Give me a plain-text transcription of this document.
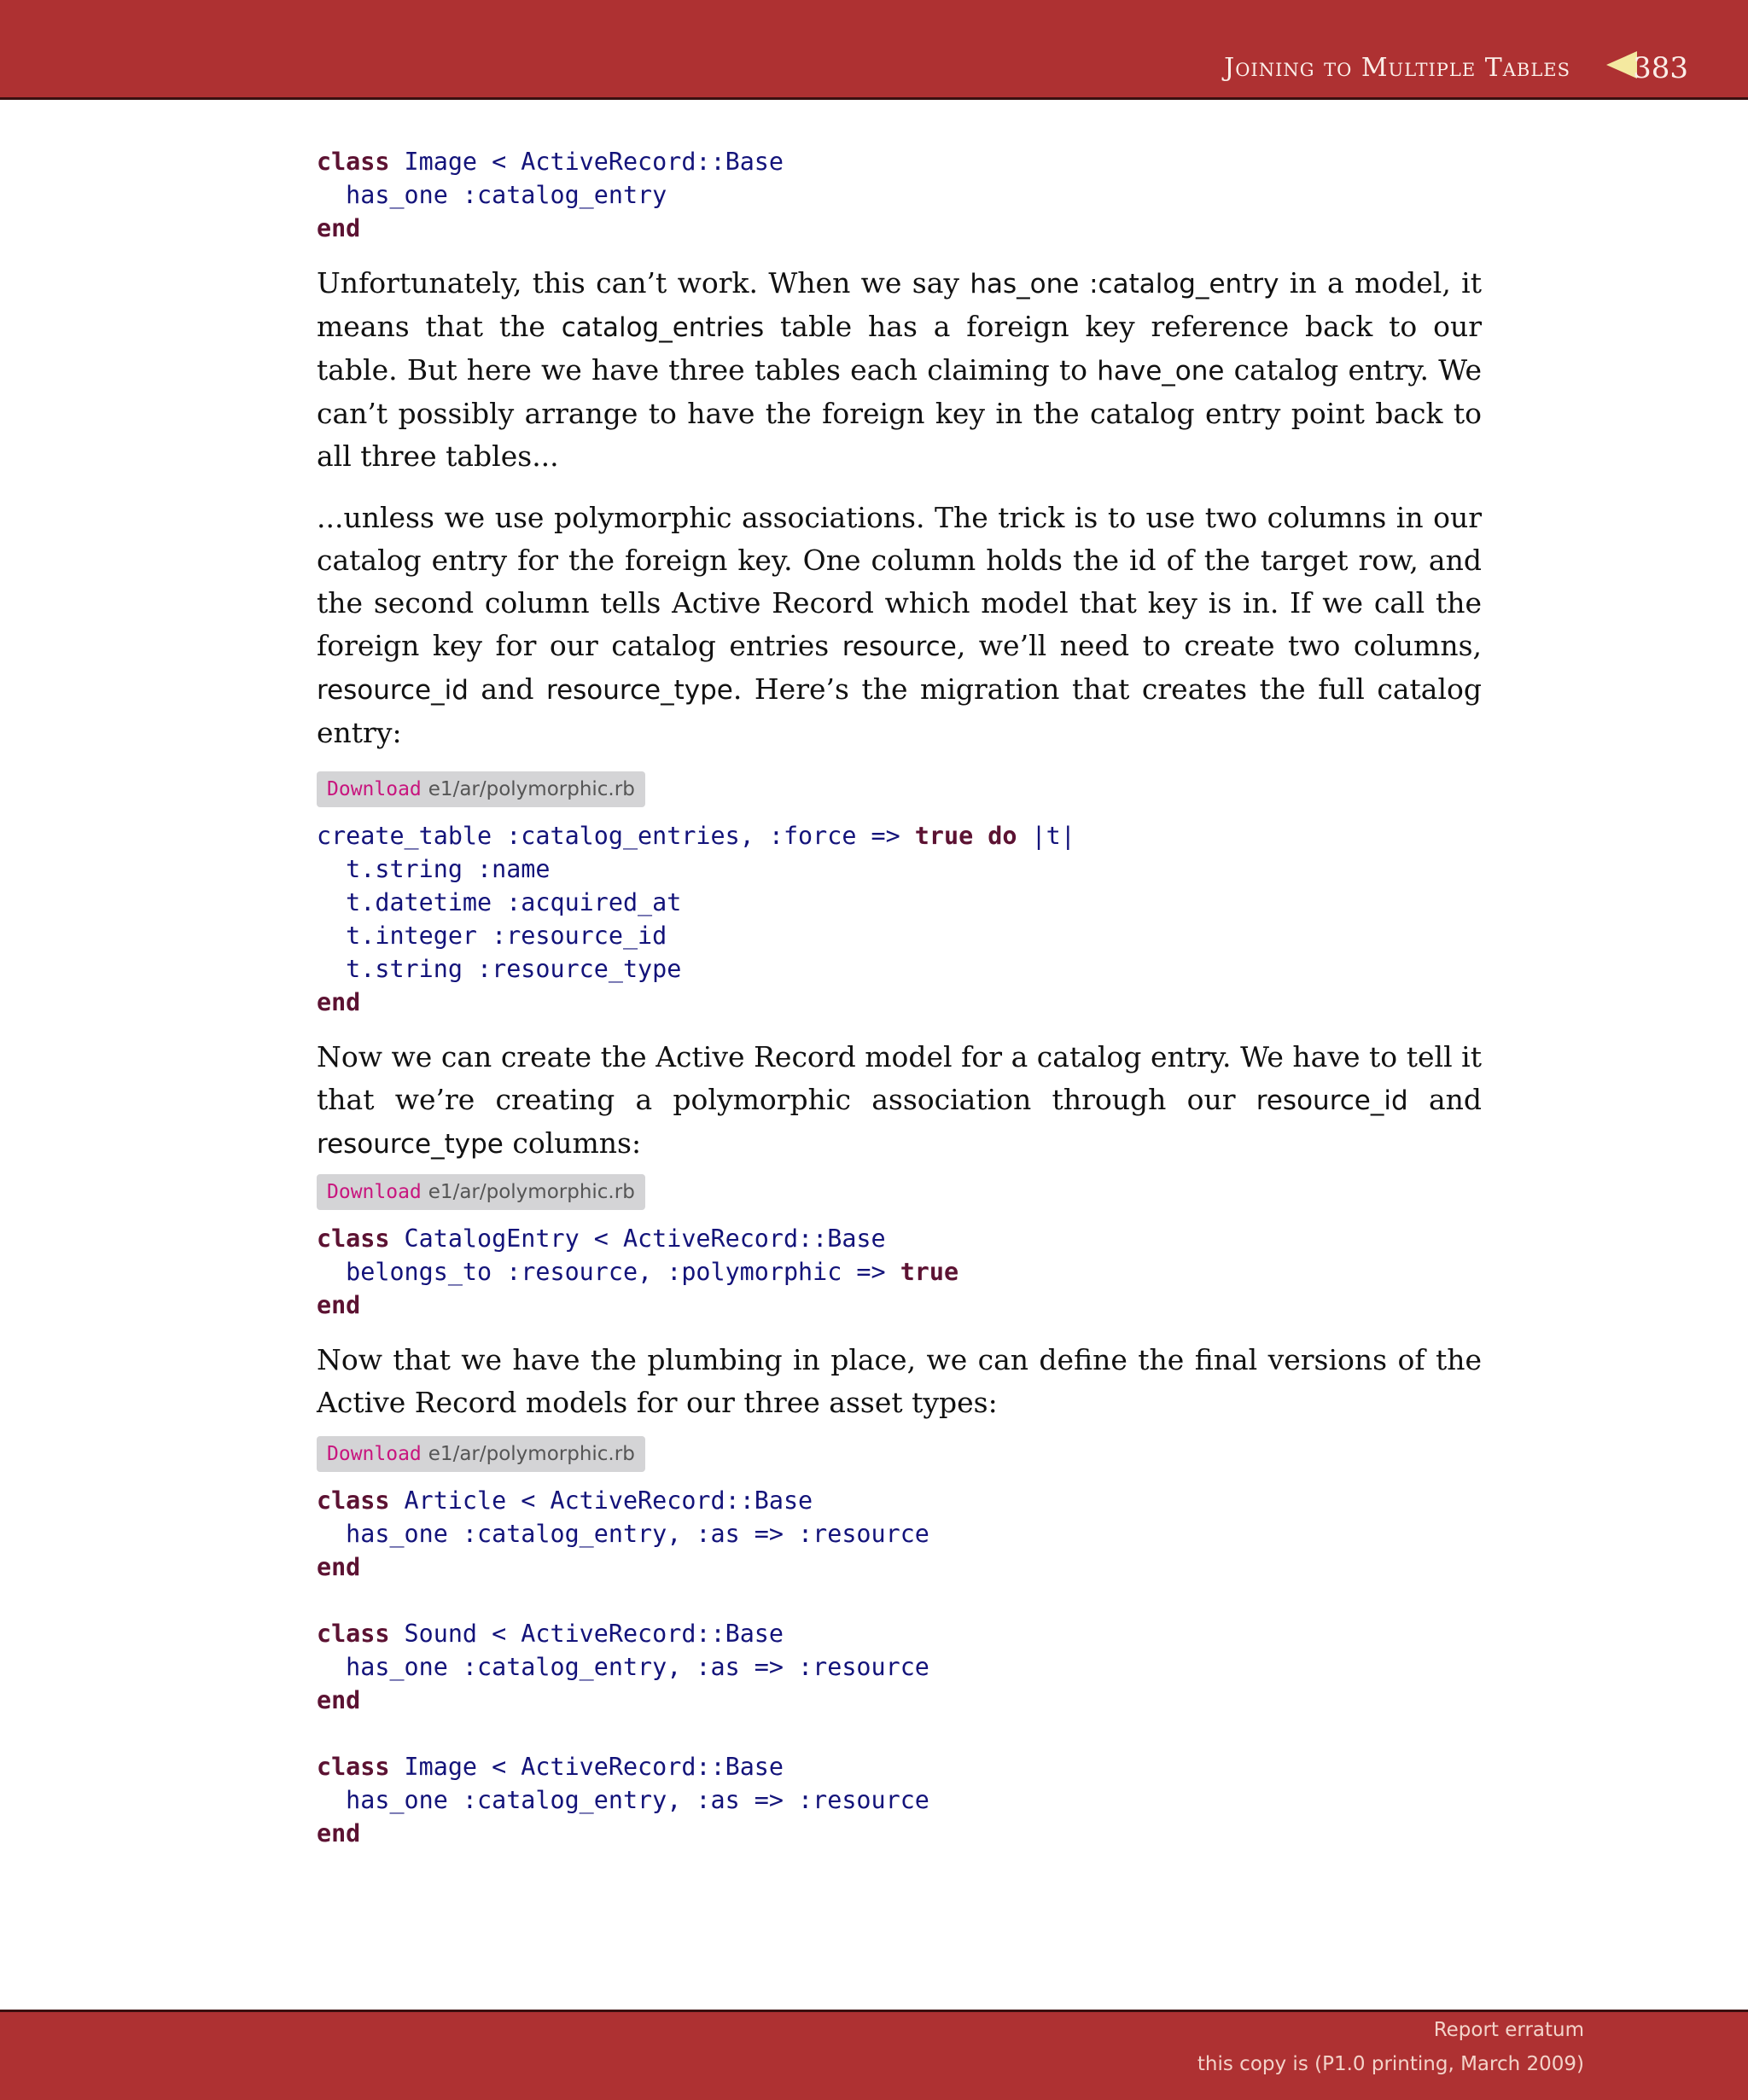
Joining to Multiple Tables 383
class Image < ActiveRecord::Base
has_one :catalog_entry
end

Unfortunately, this can’t work. When we say has_one :catalog_entry in a model, it means that the catalog_entries table has a foreign key reference back to our table. But here we have three tables each claiming to have_one catalog entry. We can’t possibly arrange to have the foreign key in the catalog entry point back to all three tables...

...unless we use polymorphic associations. The trick is to use two columns in our catalog entry for the foreign key. One column holds the id of the target row, and the second column tells Active Record which model that key is in. If we call the foreign key for our catalog entries resource, we’ll need to create two columns, resource_id and resource_type. Here’s the migration that creates the full catalog entry:

Download e1/ar/polymorphic.rb
create_table :catalog_entries, :force => true do |t|
t.string :name
t.datetime :acquired_at
t.integer :resource_id
t.string :resource_type
end

Now we can create the Active Record model for a catalog entry. We have to tell it that we’re creating a polymorphic association through our resource_id and resource_type columns:

Download e1/ar/polymorphic.rb
class CatalogEntry < ActiveRecord::Base
belongs_to :resource, :polymorphic => true
end

Now that we have the plumbing in place, we can define the final versions of the Active Record models for our three asset types:

Download e1/ar/polymorphic.rb
class Article < ActiveRecord::Base
has_one :catalog_entry, :as => :resource
end
class Sound < ActiveRecord::Base
has_one :catalog_entry, :as => :resource
end
class Image < ActiveRecord::Base
has_one :catalog_entry, :as => :resource
end
Report erratum
this copy is (P1.0 printing, March 2009)
